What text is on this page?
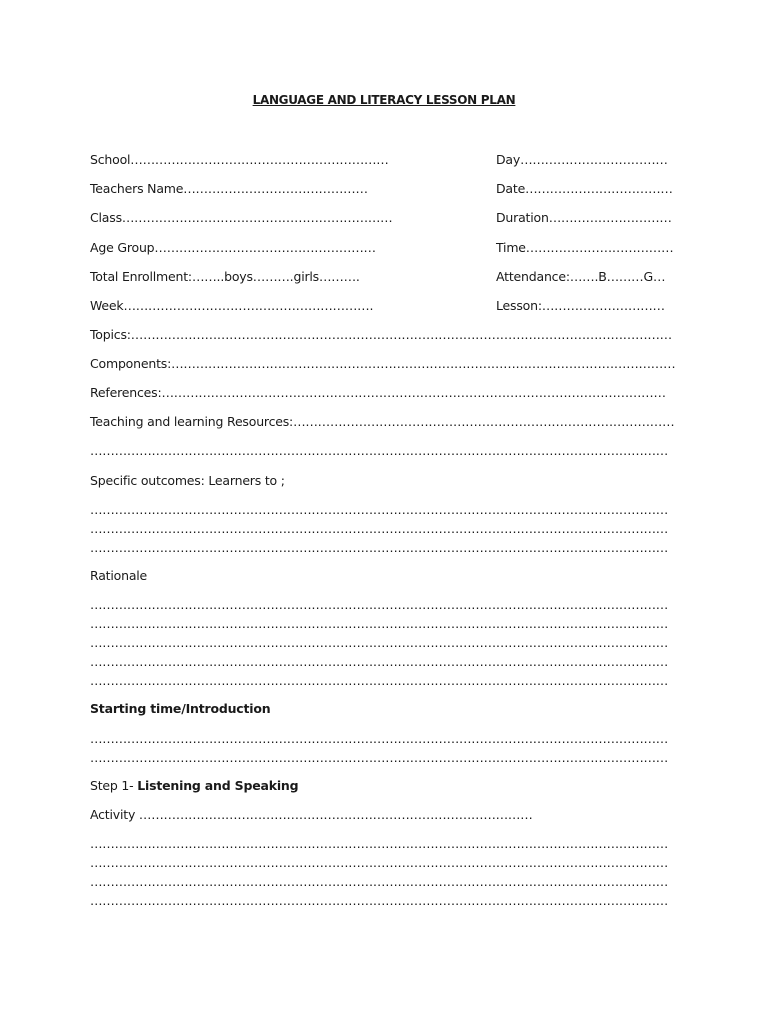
LANGUAGE AND LITERACY LESSON PLAN
School………………………………………………………	Day………………………………
Teachers Name………………………………………	Date………………………………
Class…………………………………………………………	Duration…………………………
Age Group………………………………………………	Time………………………………
Total Enrollment:……..boys……….girls……….	Attendance:…….B………G…
Week…………………………………………………….	Lesson:…………………………
Topics:……………………………………………………………………………………………………………………
Components:……………………………………………………………………………………………………………
References:……………………………………………………………………………………………………………
Teaching and learning Resources:…………………………………………………………………………………
……………………………………………………………………………………………………………………………
Specific outcomes: Learners to ;
……………………………………………………………………………………………………………………………
……………………………………………………………………………………………………………………………
……………………………………………………………………………………………………………………………
Rationale
……………………………………………………………………………………………………………………………
……………………………………………………………………………………………………………………………
……………………………………………………………………………………………………………………………
……………………………………………………………………………………………………………………………
……………………………………………………………………………………………………………………………
Starting time/Introduction
……………………………………………………………………………………………………………………………
……………………………………………………………………………………………………………………………
Step 1- Listening and Speaking
Activity ……………………………………………………………………………………
……………………………………………………………………………………………………………………………
……………………………………………………………………………………………………………………………
……………………………………………………………………………………………………………………………
……………………………………………………………………………………………………………………………
